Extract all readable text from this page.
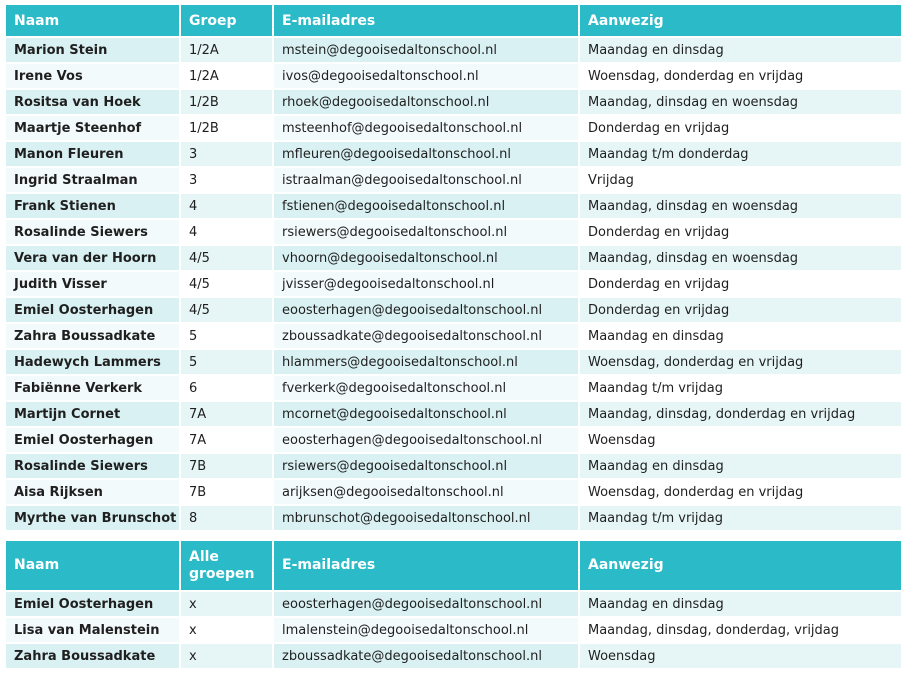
Naam	Groep	E-mailadres	Aanwezig
Marion Stein	1/2A	mstein@degooisedaltonschool.nl	Maandag en dinsdag
Irene Vos	1/2A	ivos@degooisedaltonschool.nl	Woensdag, donderdag en vrijdag
Rositsa van Hoek	1/2B	rhoek@degooisedaltonschool.nl	Maandag, dinsdag en woensdag
Maartje Steenhof	1/2B	msteenhof@degooisedaltonschool.nl	Donderdag en vrijdag
Manon Fleuren	3	mfleuren@degooisedaltonschool.nl	Maandag t/m donderdag
Ingrid Straalman	3	istraalman@degooisedaltonschool.nl	Vrijdag
Frank Stienen	4	fstienen@degooisedaltonschool.nl	Maandag, dinsdag en woensdag
Rosalinde Siewers	4	rsiewers@degooisedaltonschool.nl	Donderdag en vrijdag
Vera van der Hoorn	4/5	vhoorn@degooisedaltonschool.nl	Maandag, dinsdag en woensdag
Judith Visser	4/5	jvisser@degooisedaltonschool.nl	Donderdag en vrijdag
Emiel Oosterhagen	4/5	eoosterhagen@degooisedaltonschool.nl	Donderdag en vrijdag
Zahra Boussadkate	5	zboussadkate@degooisedaltonschool.nl	Maandag en dinsdag
Hadewych Lammers	5	hlammers@degooisedaltonschool.nl	Woensdag, donderdag en vrijdag
Fabiënne Verkerk	6	fverkerk@degooisedaltonschool.nl	Maandag t/m vrijdag
Martijn Cornet	7A	mcornet@degooisedaltonschool.nl	Maandag, dinsdag, donderdag en vrijdag
Emiel Oosterhagen	7A	eoosterhagen@degooisedaltonschool.nl	Woensdag
Rosalinde Siewers	7B	rsiewers@degooisedaltonschool.nl	Maandag en dinsdag
Aisa Rijksen	7B	arijksen@degooisedaltonschool.nl	Woensdag, donderdag en vrijdag
Myrthe van Brunschot	8	mbrunschot@degooisedaltonschool.nl	Maandag t/m vrijdag
Naam	Alle groepen	E-mailadres	Aanwezig
Emiel Oosterhagen	x	eoosterhagen@degooisedaltonschool.nl	Maandag en dinsdag
Lisa van Malenstein	x	lmalenstein@degooisedaltonschool.nl	Maandag, dinsdag, donderdag, vrijdag
Zahra Boussadkate	x	zboussadkate@degooisedaltonschool.nl	Woensdag
